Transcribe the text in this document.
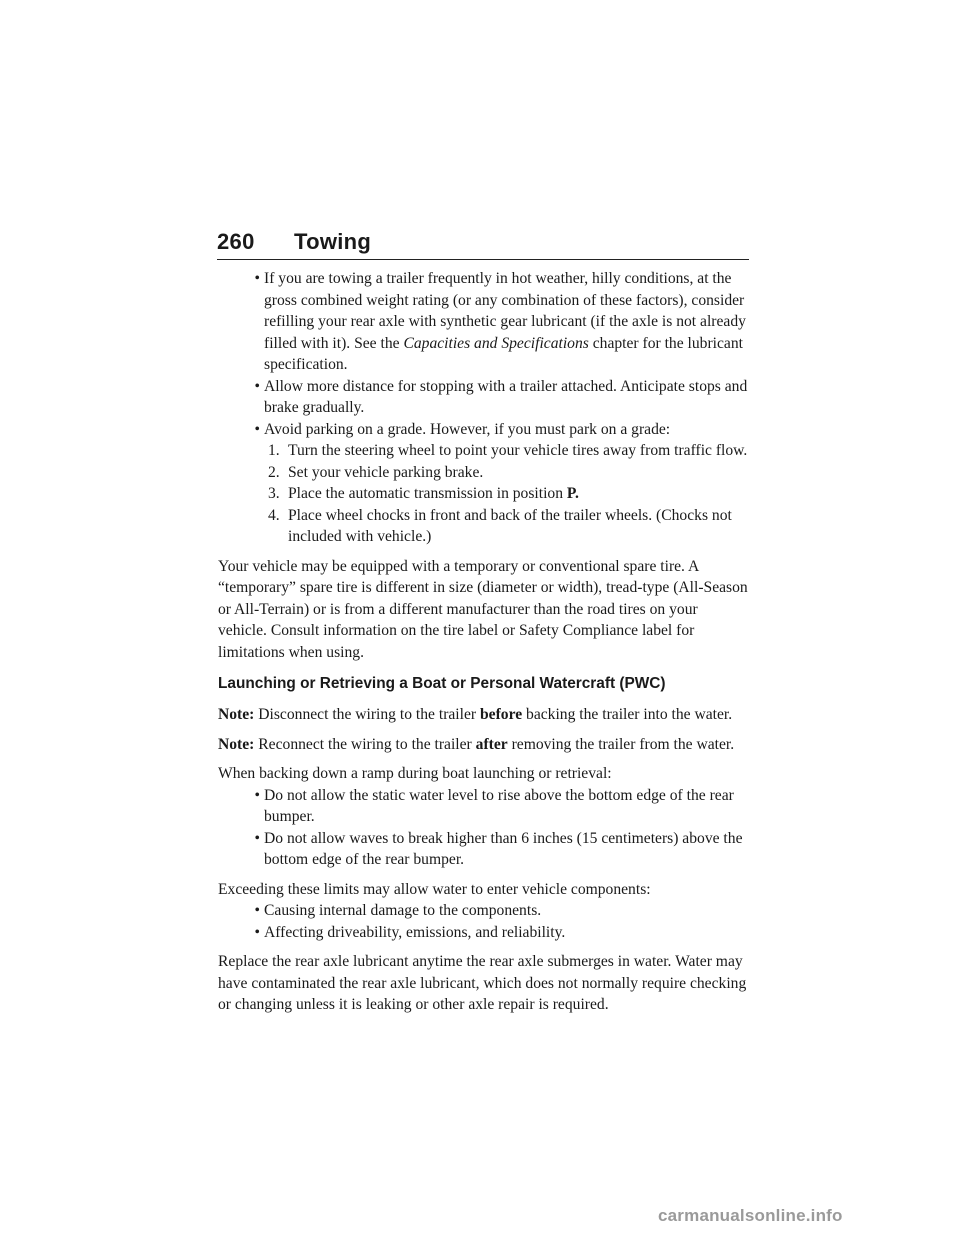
260 Towing
• If you are towing a trailer frequently in hot weather, hilly conditions, at the gross combined weight rating (or any combination of these factors), consider refilling your rear axle with synthetic gear lubricant (if the axle is not already filled with it). See the Capacities and Specifications chapter for the lubricant specification.
• Allow more distance for stopping with a trailer attached. Anticipate stops and brake gradually.
• Avoid parking on a grade. However, if you must park on a grade:
1. Turn the steering wheel to point your vehicle tires away from traffic flow.
2. Set your vehicle parking brake.
3. Place the automatic transmission in position P.
4. Place wheel chocks in front and back of the trailer wheels. (Chocks not included with vehicle.)

Your vehicle may be equipped with a temporary or conventional spare tire. A “temporary” spare tire is different in size (diameter or width), tread-type (All-Season or All-Terrain) or is from a different manufacturer than the road tires on your vehicle. Consult information on the tire label or Safety Compliance label for limitations when using.

Launching or Retrieving a Boat or Personal Watercraft (PWC)

Note: Disconnect the wiring to the trailer before backing the trailer into the water.

Note: Reconnect the wiring to the trailer after removing the trailer from the water.

When backing down a ramp during boat launching or retrieval:

• Do not allow the static water level to rise above the bottom edge of the rear bumper.
• Do not allow waves to break higher than 6 inches (15 centimeters) above the bottom edge of the rear bumper.

Exceeding these limits may allow water to enter vehicle components:

• Causing internal damage to the components.
• Affecting driveability, emissions, and reliability.

Replace the rear axle lubricant anytime the rear axle submerges in water. Water may have contaminated the rear axle lubricant, which does not normally require checking or changing unless it is leaking or other axle repair is required.

carmanualsonline.info
